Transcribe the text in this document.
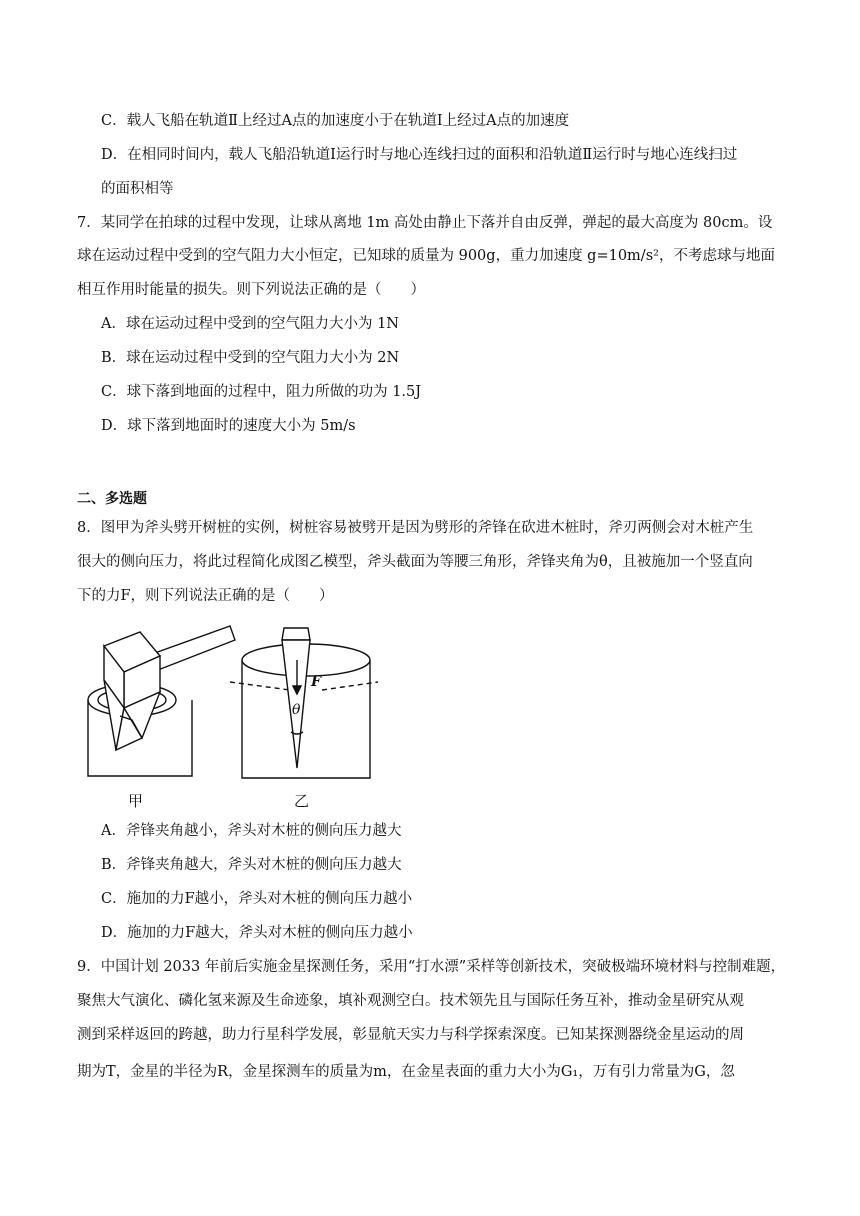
C．载人飞船在轨道Ⅱ上经过A点的加速度小于在轨道Ⅰ上经过A点的加速度
D．在相同时间内，载人飞船沿轨道Ⅰ运行时与地心连线扫过的面积和沿轨道Ⅱ运行时与地心连线扫过
的面积相等
7．某同学在拍球的过程中发现，让球从离地 1m 高处由静止下落并自由反弹，弹起的最大高度为 80cm。设
球在运动过程中受到的空气阻力大小恒定，已知球的质量为 900g，重力加速度 g=10m/s²，不考虑球与地面
相互作用时能量的损失。则下列说法正确的是（　　）
A．球在运动过程中受到的空气阻力大小为 1N
B．球在运动过程中受到的空气阻力大小为 2N
C．球下落到地面的过程中，阻力所做的功为 1.5J
D．球下落到地面时的速度大小为 5m/s
二、多选题
8．图甲为斧头劈开树桩的实例，树桩容易被劈开是因为劈形的斧锋在砍进木桩时，斧刃两侧会对木桩产生
很大的侧向压力，将此过程简化成图乙模型，斧头截面为等腰三角形，斧锋夹角为θ，且被施加一个竖直向
下的力F，则下列说法正确的是（　　）
甲
F
θ
乙
A．斧锋夹角越小，斧头对木桩的侧向压力越大
B．斧锋夹角越大，斧头对木桩的侧向压力越大
C．施加的力F越小，斧头对木桩的侧向压力越小
D．施加的力F越大，斧头对木桩的侧向压力越小
9．中国计划 2033 年前后实施金星探测任务，采用“打水漂”采样等创新技术，突破极端环境材料与控制难题，
聚焦大气演化、磷化氢来源及生命迹象，填补观测空白。技术领先且与国际任务互补，推动金星研究从观
测到采样返回的跨越，助力行星科学发展，彰显航天实力与科学探索深度。已知某探测器绕金星运动的周
期为T，金星的半径为R，金星探测车的质量为m，在金星表面的重力大小为G₁，万有引力常量为G，忽
